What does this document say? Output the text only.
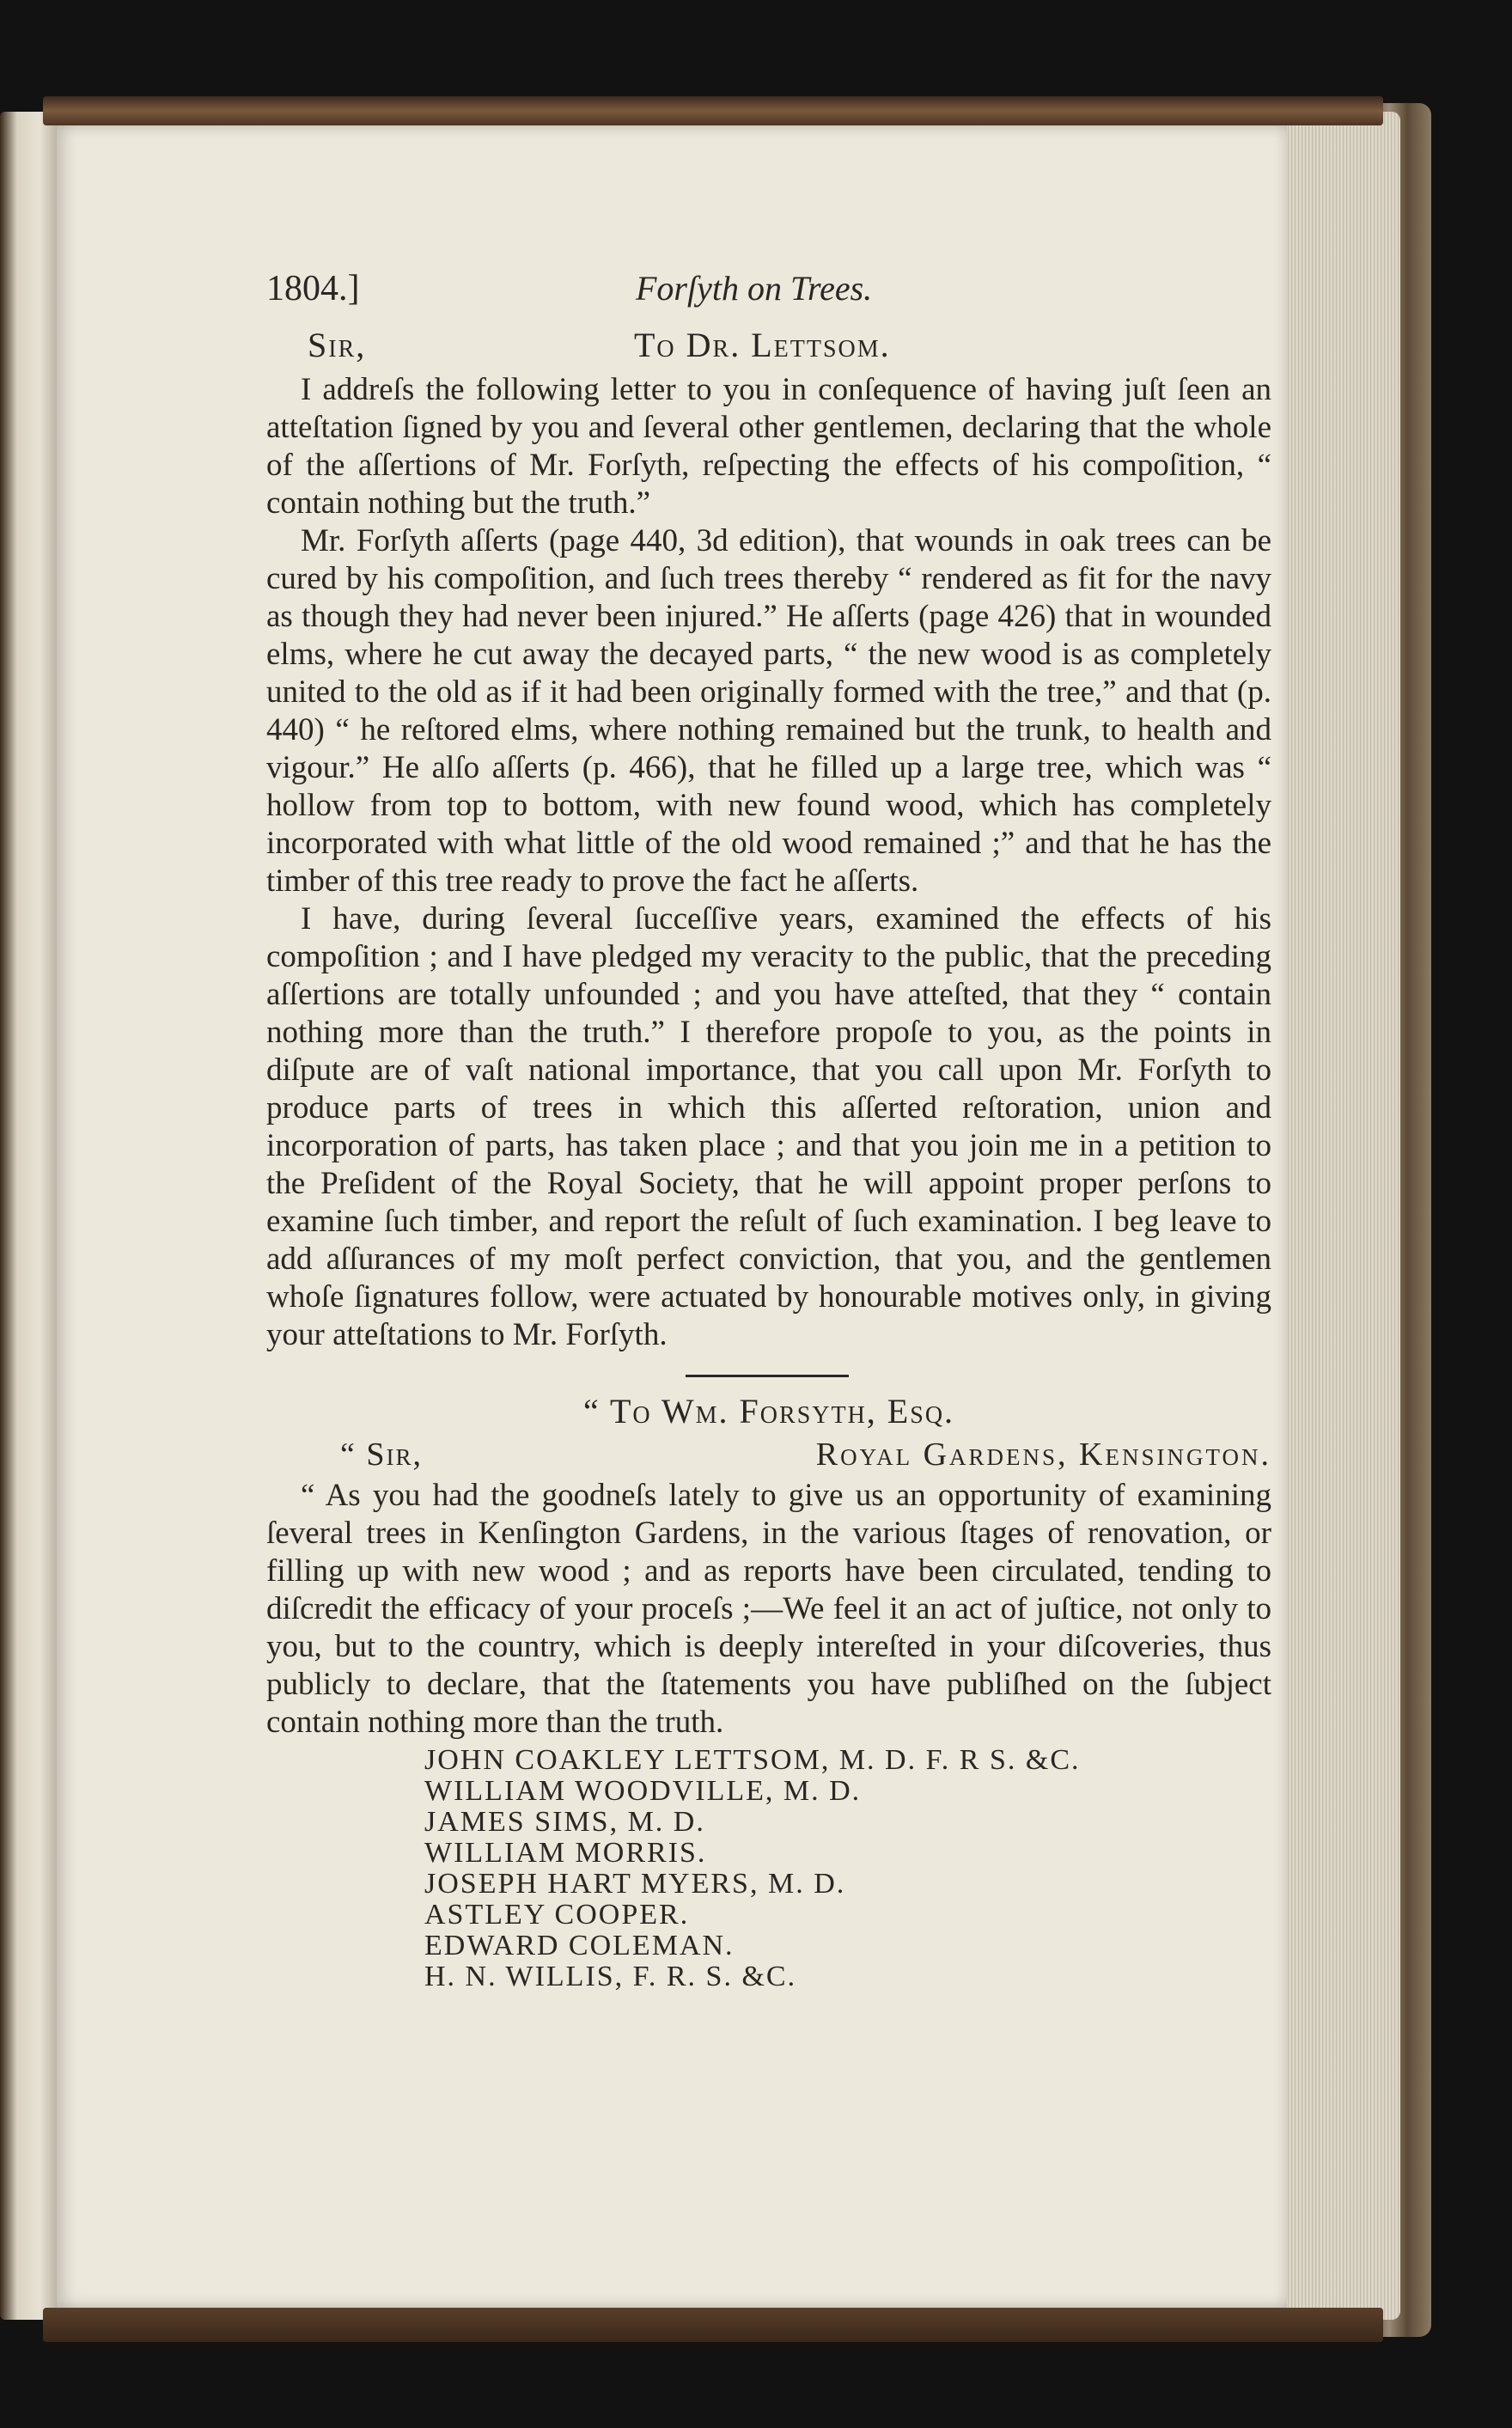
1804.]	Forſyth on Trees.
Sir,	To Dr. Lettsom.

I addreſs the following letter to you in conſequence of having juſt ſeen an atteſtation ſigned by you and ſeveral other gentlemen, declaring that the whole of the aſſertions of Mr. Forſyth, reſpecting the effects of his compoſition, “ contain nothing but the truth.”

Mr. Forſyth aſſerts (page 440, 3d edition), that wounds in oak trees can be cured by his compoſition, and ſuch trees thereby “ rendered as fit for the navy as though they had never been injured.” He aſſerts (page 426) that in wounded elms, where he cut away the decayed parts, “ the new wood is as completely united to the old as if it had been originally formed with the tree,” and that (p. 440) “ he reſtored elms, where nothing remained but the trunk, to health and vigour.” He alſo aſſerts (p. 466), that he filled up a large tree, which was “ hollow from top to bottom, with new found wood, which has completely incorporated with what little of the old wood remained ;” and that he has the timber of this tree ready to prove the fact he aſſerts.

I have, during ſeveral ſucceſſive years, examined the effects of his compoſition ; and I have pledged my veracity to the public, that the preceding aſſertions are totally unfounded ; and you have atteſted, that they “ contain nothing more than the truth.” I therefore propoſe to you, as the points in diſpute are of vaſt national importance, that you call upon Mr. Forſyth to produce parts of trees in which this aſſerted reſtoration, union and incorporation of parts, has taken place ; and that you join me in a petition to the Preſident of the Royal Society, that he will appoint proper perſons to examine ſuch timber, and report the reſult of ſuch examination. I beg leave to add aſſurances of my moſt perfect conviction, that you, and the gentlemen whoſe ſignatures follow, were actuated by honourable motives only, in giving your atteſtations to Mr. Forſyth.

“ To Wm. Forsyth, Eſq.
“ Sir,	Royal Gardens, Kensington.

“ As you had the goodneſs lately to give us an opportunity of examining ſeveral trees in Kenſington Gardens, in the various ſtages of renovation, or filling up with new wood ; and as reports have been circulated, tending to diſcredit the efficacy of your proceſs ;—We feel it an act of juſtice, not only to you, but to the country, which is deeply intereſted in your diſcoveries, thus publicly to declare, that the ſtatements you have publiſhed on the ſubject contain nothing more than the truth.

JOHN COAKLEY LETTSOM, M. D. F. R S. &C.
WILLIAM WOODVILLE, M. D.
JAMES SIMS, M. D.
WILLIAM MORRIS.
JOSEPH HART MYERS, M. D.
ASTLEY COOPER.
EDWARD COLEMAN.
H. N. WILLIS, F. R. S. &C.
